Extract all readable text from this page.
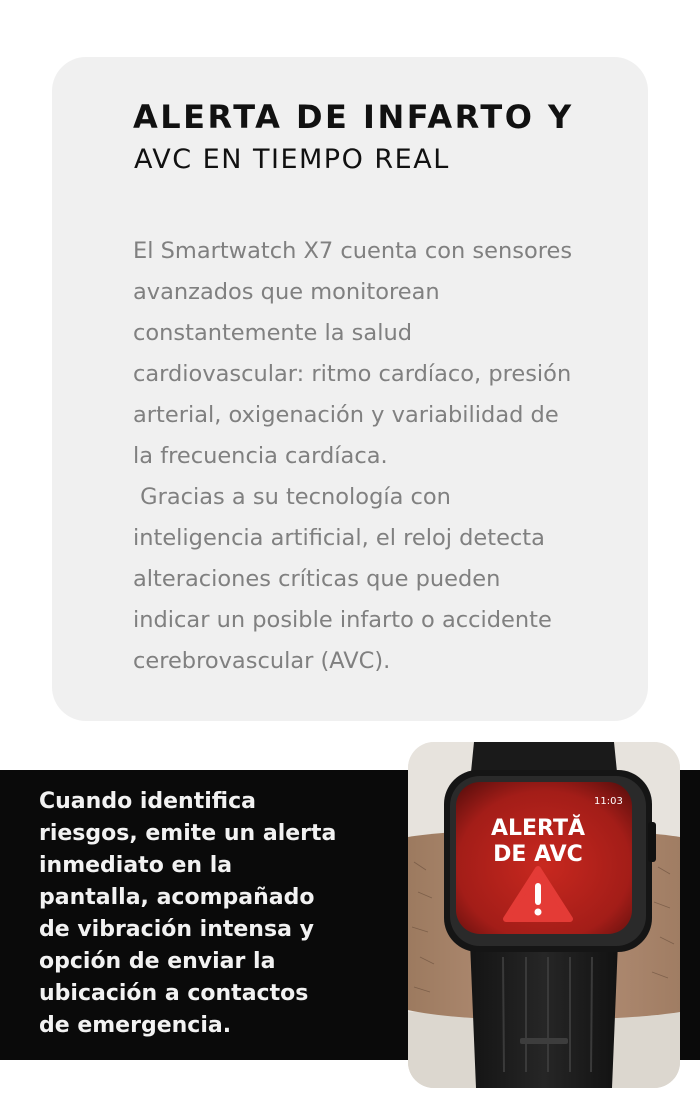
ALERTA DE INFARTO Y
AVC EN TIEMPO REAL
El Smartwatch X7 cuenta con sensores
avanzados que monitorean
constantemente la salud
cardiovascular: ritmo cardíaco, presión
arterial, oxigenación y variabilidad de
la frecuencia cardíaca.
Gracias a su tecnología con
inteligencia artificial, el reloj detecta
alteraciones críticas que pueden
indicar un posible infarto o accidente
cerebrovascular (AVC).
Cuando identifica
riesgos, emite un alerta
inmediato en la
pantalla, acompañado
de vibración intensa y
opción de enviar la
ubicación a contactos
de emergencia.
11:03
ALERTĂ
DE AVC
